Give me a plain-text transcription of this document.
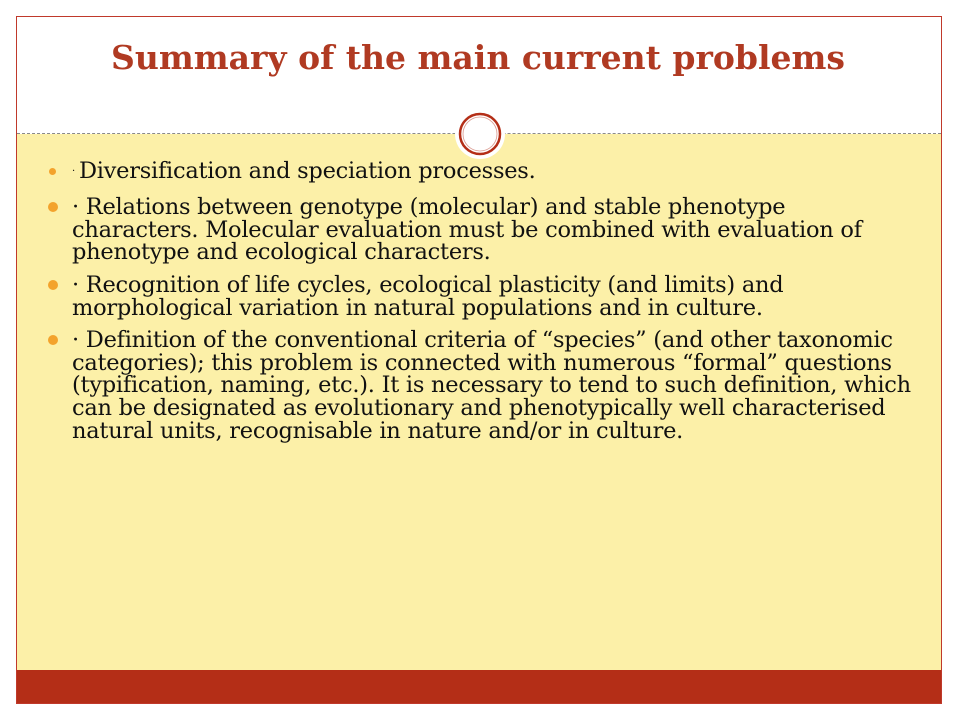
Summary of the main current problems
· Diversification and speciation processes.
· Relations between genotype (molecular) and stable phenotype characters. Molecular evaluation must be combined with evaluation of phenotype and ecological characters.
· Recognition of life cycles, ecological plasticity (and limits) and morphological variation in natural populations and in culture.
· Definition of the conventional criteria of “species” (and other taxonomic categories); this problem is connected with numerous “formal” questions (typification, naming, etc.). It is necessary to tend to such definition, which can be designated as evolutionary and phenotypically well characterised natural units, recognisable in nature and/or in culture.
